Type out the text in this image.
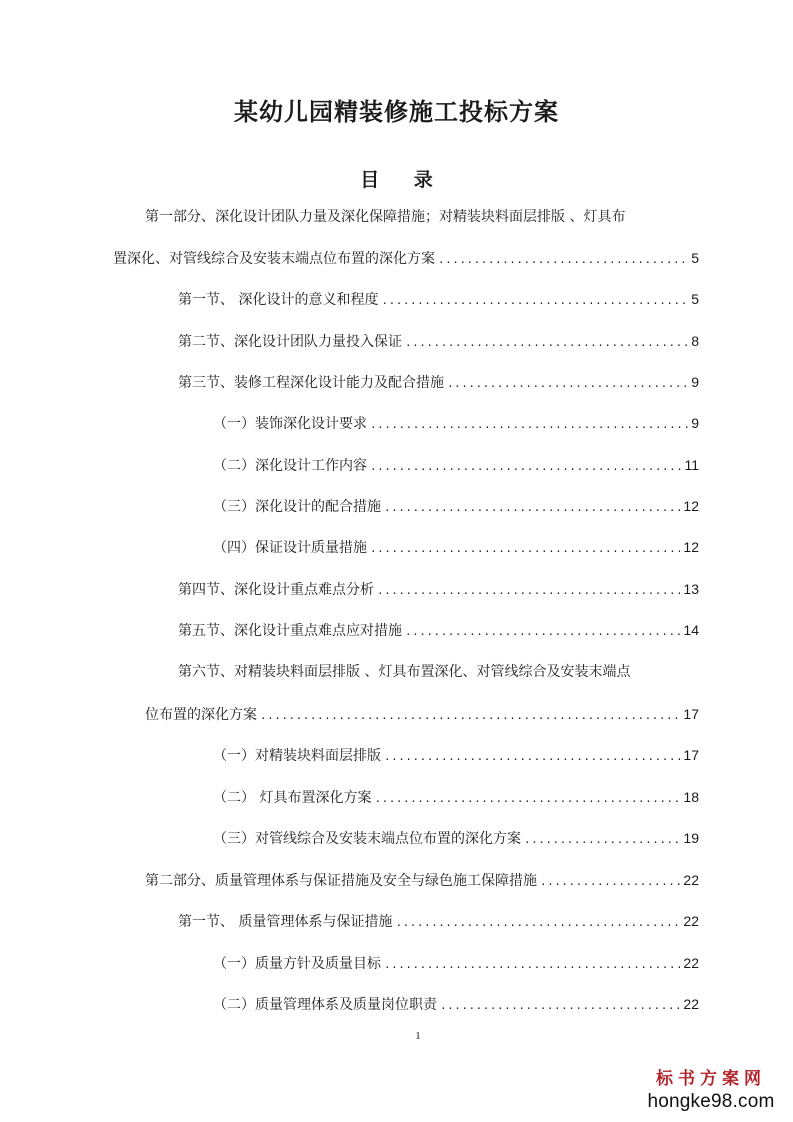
某幼儿园精装修施工投标方案
目 录
第一部分、深化设计团队力量及深化保障措施；对精装块料面层排版 、灯具布
置深化、对管线综合及安装末端点位布置的深化方案 .....	5
第一节、 深化设计的意义和程度 .....	5
第二节、深化设计团队力量投入保证 .....	8
第三节、装修工程深化设计能力及配合措施 .....	9
（一）装饰深化设计要求 .....	9
（二）深化设计工作内容 .....	11
（三）深化设计的配合措施 .....	12
（四）保证设计质量措施 .....	12
第四节、深化设计重点难点分析 .....	13
第五节、深化设计重点难点应对措施 .....	14
第六节、对精装块料面层排版 、灯具布置深化、对管线综合及安装末端点
位布置的深化方案 .....	17
（一）对精装块料面层排版 .....	17
（二） 灯具布置深化方案 .....	18
（三）对管线综合及安装末端点位布置的深化方案 .....	19
第二部分、质量管理体系与保证措施及安全与绿色施工保障措施 .....	22
第一节、 质量管理体系与保证措施 .....	22
（一）质量方针及质量目标 .....	22
（二）质量管理体系及质量岗位职责 .....	22
1
标书方案网
hongke98.com
